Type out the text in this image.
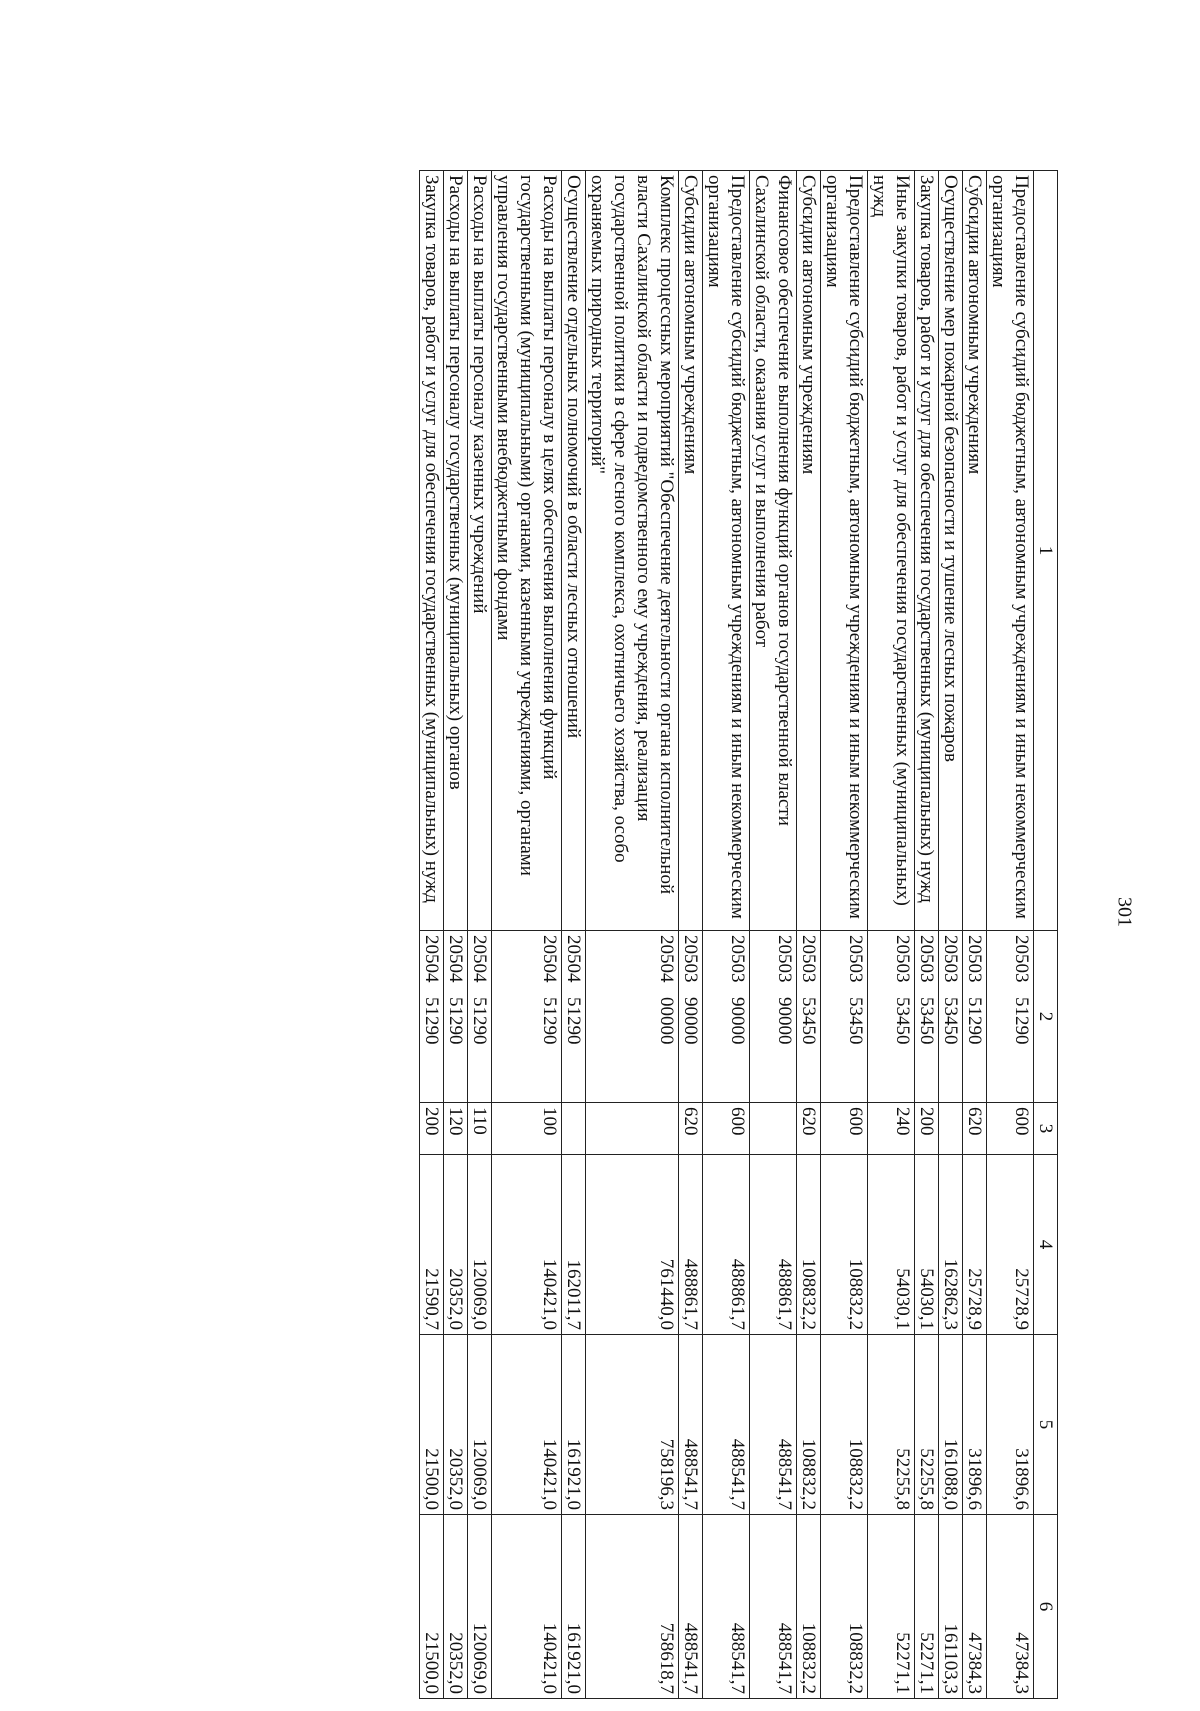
301
1	2	3	4	5	6
Предоставление субсидий бюджетным, автономным учреждениям и иным некоммерческим организациям	2050351290	600	25728,9	31896,6	47384,3
Субсидии автономным учреждениям	2050351290	620	25728,9	31896,6	47384,3
Осуществление мер пожарной безопасности и тушение лесных пожаров	2050353450		162862,3	161088,0	161103,3
Закупка товаров, работ и услуг для обеспечения государственных (муниципальных) нужд	2050353450	200	54030,1	52255,8	52271,1
Иные закупки товаров, работ и услуг для обеспечения государственных (муниципальных) нужд	2050353450	240	54030,1	52255,8	52271,1
Предоставление субсидий бюджетным, автономным учреждениям и иным некоммерческим организациям	2050353450	600	108832,2	108832,2	108832,2
Субсидии автономным учреждениям	2050353450	620	108832,2	108832,2	108832,2
Финансовое обеспечение выполнения функций органов государственной власти Сахалинской области, оказания услуг и выполнения работ	2050390000		488861,7	488541,7	488541,7
Предоставление субсидий бюджетным, автономным учреждениям и иным некоммерческим организациям	2050390000	600	488861,7	488541,7	488541,7
Субсидии автономным учреждениям	2050390000	620	488861,7	488541,7	488541,7
Комплекс процессных мероприятий "Обеспечение деятельности органа исполнительной власти Сахалинской области и подведомственного ему учреждения, реализация государственной политики в сфере лесного комплекса, охотничьего хозяйства, особо охраняемых природных территорий"	2050400000		761440,0	758196,3	758618,7
Осуществление отдельных полномочий в области лесных отношений	2050451290		162011,7	161921,0	161921,0
Расходы на выплаты персоналу в целях обеспечения выполнения функций государственными (муниципальными) органами, казенными учреждениями, органами управления государственными внебюджетными фондами	2050451290	100	140421,0	140421,0	140421,0
Расходы на выплаты персоналу казенных учреждений	2050451290	110	120069,0	120069,0	120069,0
Расходы на выплаты персоналу государственных (муниципальных) органов	2050451290	120	20352,0	20352,0	20352,0
Закупка товаров, работ и услуг для обеспечения государственных (муниципальных) нужд	2050451290	200	21590,7	21500,0	21500,0
